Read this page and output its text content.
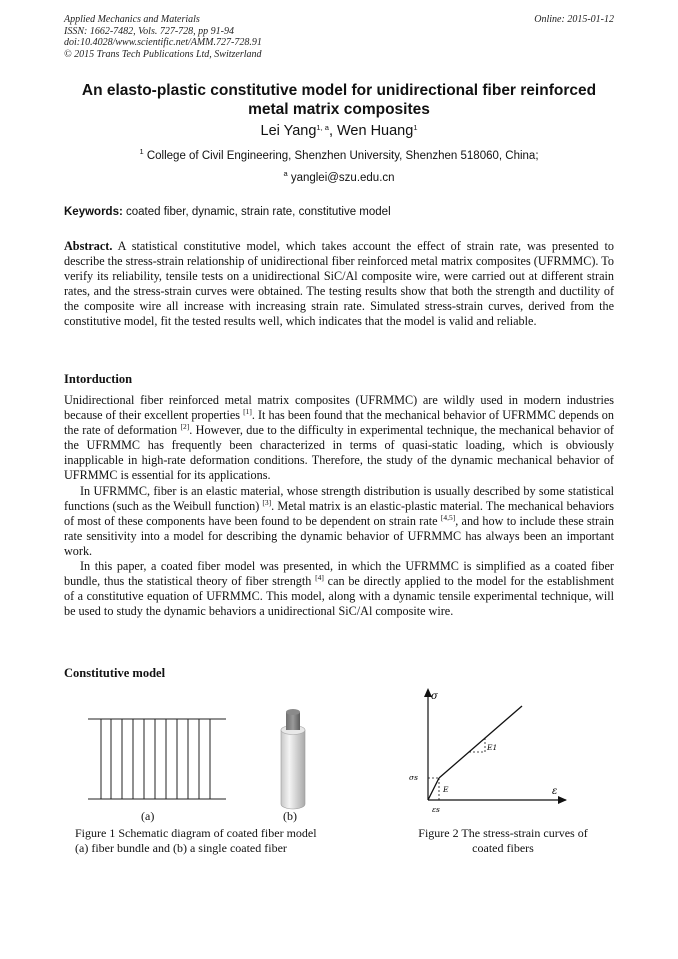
Applied Mechanics and Materials
ISSN: 1662-7482, Vols. 727-728, pp 91-94
doi:10.4028/www.scientific.net/AMM.727-728.91
© 2015 Trans Tech Publications Ltd, Switzerland
Online: 2015-01-12
An elasto-plastic constitutive model for unidirectional fiber reinforced
metal matrix composites
Lei Yang$^{1, a}$, Wen Huang$^1$
$^1$ College of Civil Engineering, Shenzhen University, Shenzhen 518060, China;
$^a$ yanglei@szu.edu.cn
Keywords: coated fiber, dynamic, strain rate, constitutive model

Abstract. A statistical constitutive model, which takes account the effect of strain rate, was presented to describe the stress-strain relationship of unidirectional fiber reinforced metal matrix composites (UFRMMC). To verify its reliability, tensile tests on a unidirectional SiC/Al composite wire, were carried out at different strain rates, and the stress-strain curves were obtained. The testing results show that both the strength and ductility of the composite wire all increase with increasing strain rate. Simulated stress-strain curves, derived from the constitutive model, fit the tested results well, which indicates that the model is valid and reliable.

Intorduction

Unidirectional fiber reinforced metal matrix composites (UFRMMC) are wildly used in modern industries because of their excellent properties [1]. It has been found that the mechanical behavior of UFRMMC depends on the rate of deformation [2]. However, due to the difficulty in experimental technique, the mechanical behavior of the UFRMMC has frequently been characterized in terms of quasi-static loading, which is obviously inapplicable in high-rate deformation conditions. Therefore, the study of the dynamic mechanical behavior of UFRMMC is essential for its applications.

In UFRMMC, fiber is an elastic material, whose strength distribution is usually described by some statistical functions (such as the Weibull function) [3]. Metal matrix is an elastic-plastic material. The mechanical behaviors of most of these components have been found to be dependent on strain rate [4,5], and how to include these strain rate sensitivity into a model for describing the dynamic behavior of UFRMMC has always been an important work.

In this paper, a coated fiber model was presented, in which the UFRMMC is simplified as a coated fiber bundle, thus the statistical theory of fiber strength [4] can be directly applied to the model for the establishment of a constitutive equation of UFRMMC. This model, along with a dynamic tensile experimental technique, will be used to study the dynamic behaviors a unidirectional SiC/Al composite wire.

Constitutive model
(a)	(b)
Figure 1 Schematic diagram of coated fiber model
(a) fiber bundle and (b) a single coated fiber
σ
ε
σs
εs
E
E1
Figure 2 The stress-strain curves of
coated fibers
